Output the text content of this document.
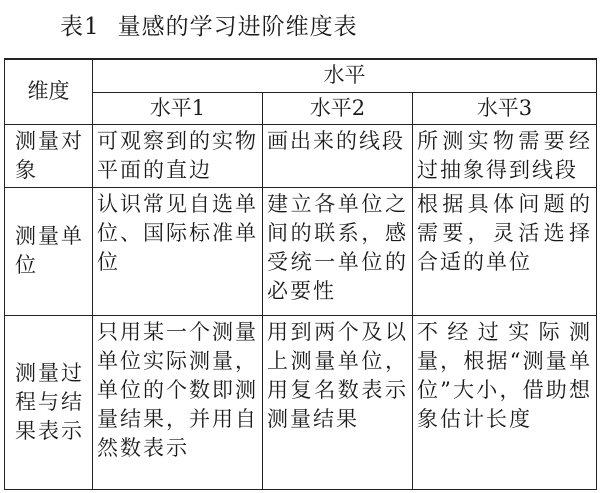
表1 量感的学习进阶维度表
维度	水平		
	水平1	水平2	水平3
测量对象	可观察到的实物平面的直边	画出来的线段	所测实物需要经过抽象得到线段
测量单位	认识常见自选单位、国际标准单位	建立各单位之间的联系，感受统一单位的必要性	根据具体问题的需要，灵活选择合适的单位
测量过程与结果表示	只用某一个测量单位实际测量，单位的个数即测量结果，并用自然数表示	用到两个及以上测量单位，用复名数表示测量结果	不经过实际测量，根据“测量单位”大小，借助想象估计长度
